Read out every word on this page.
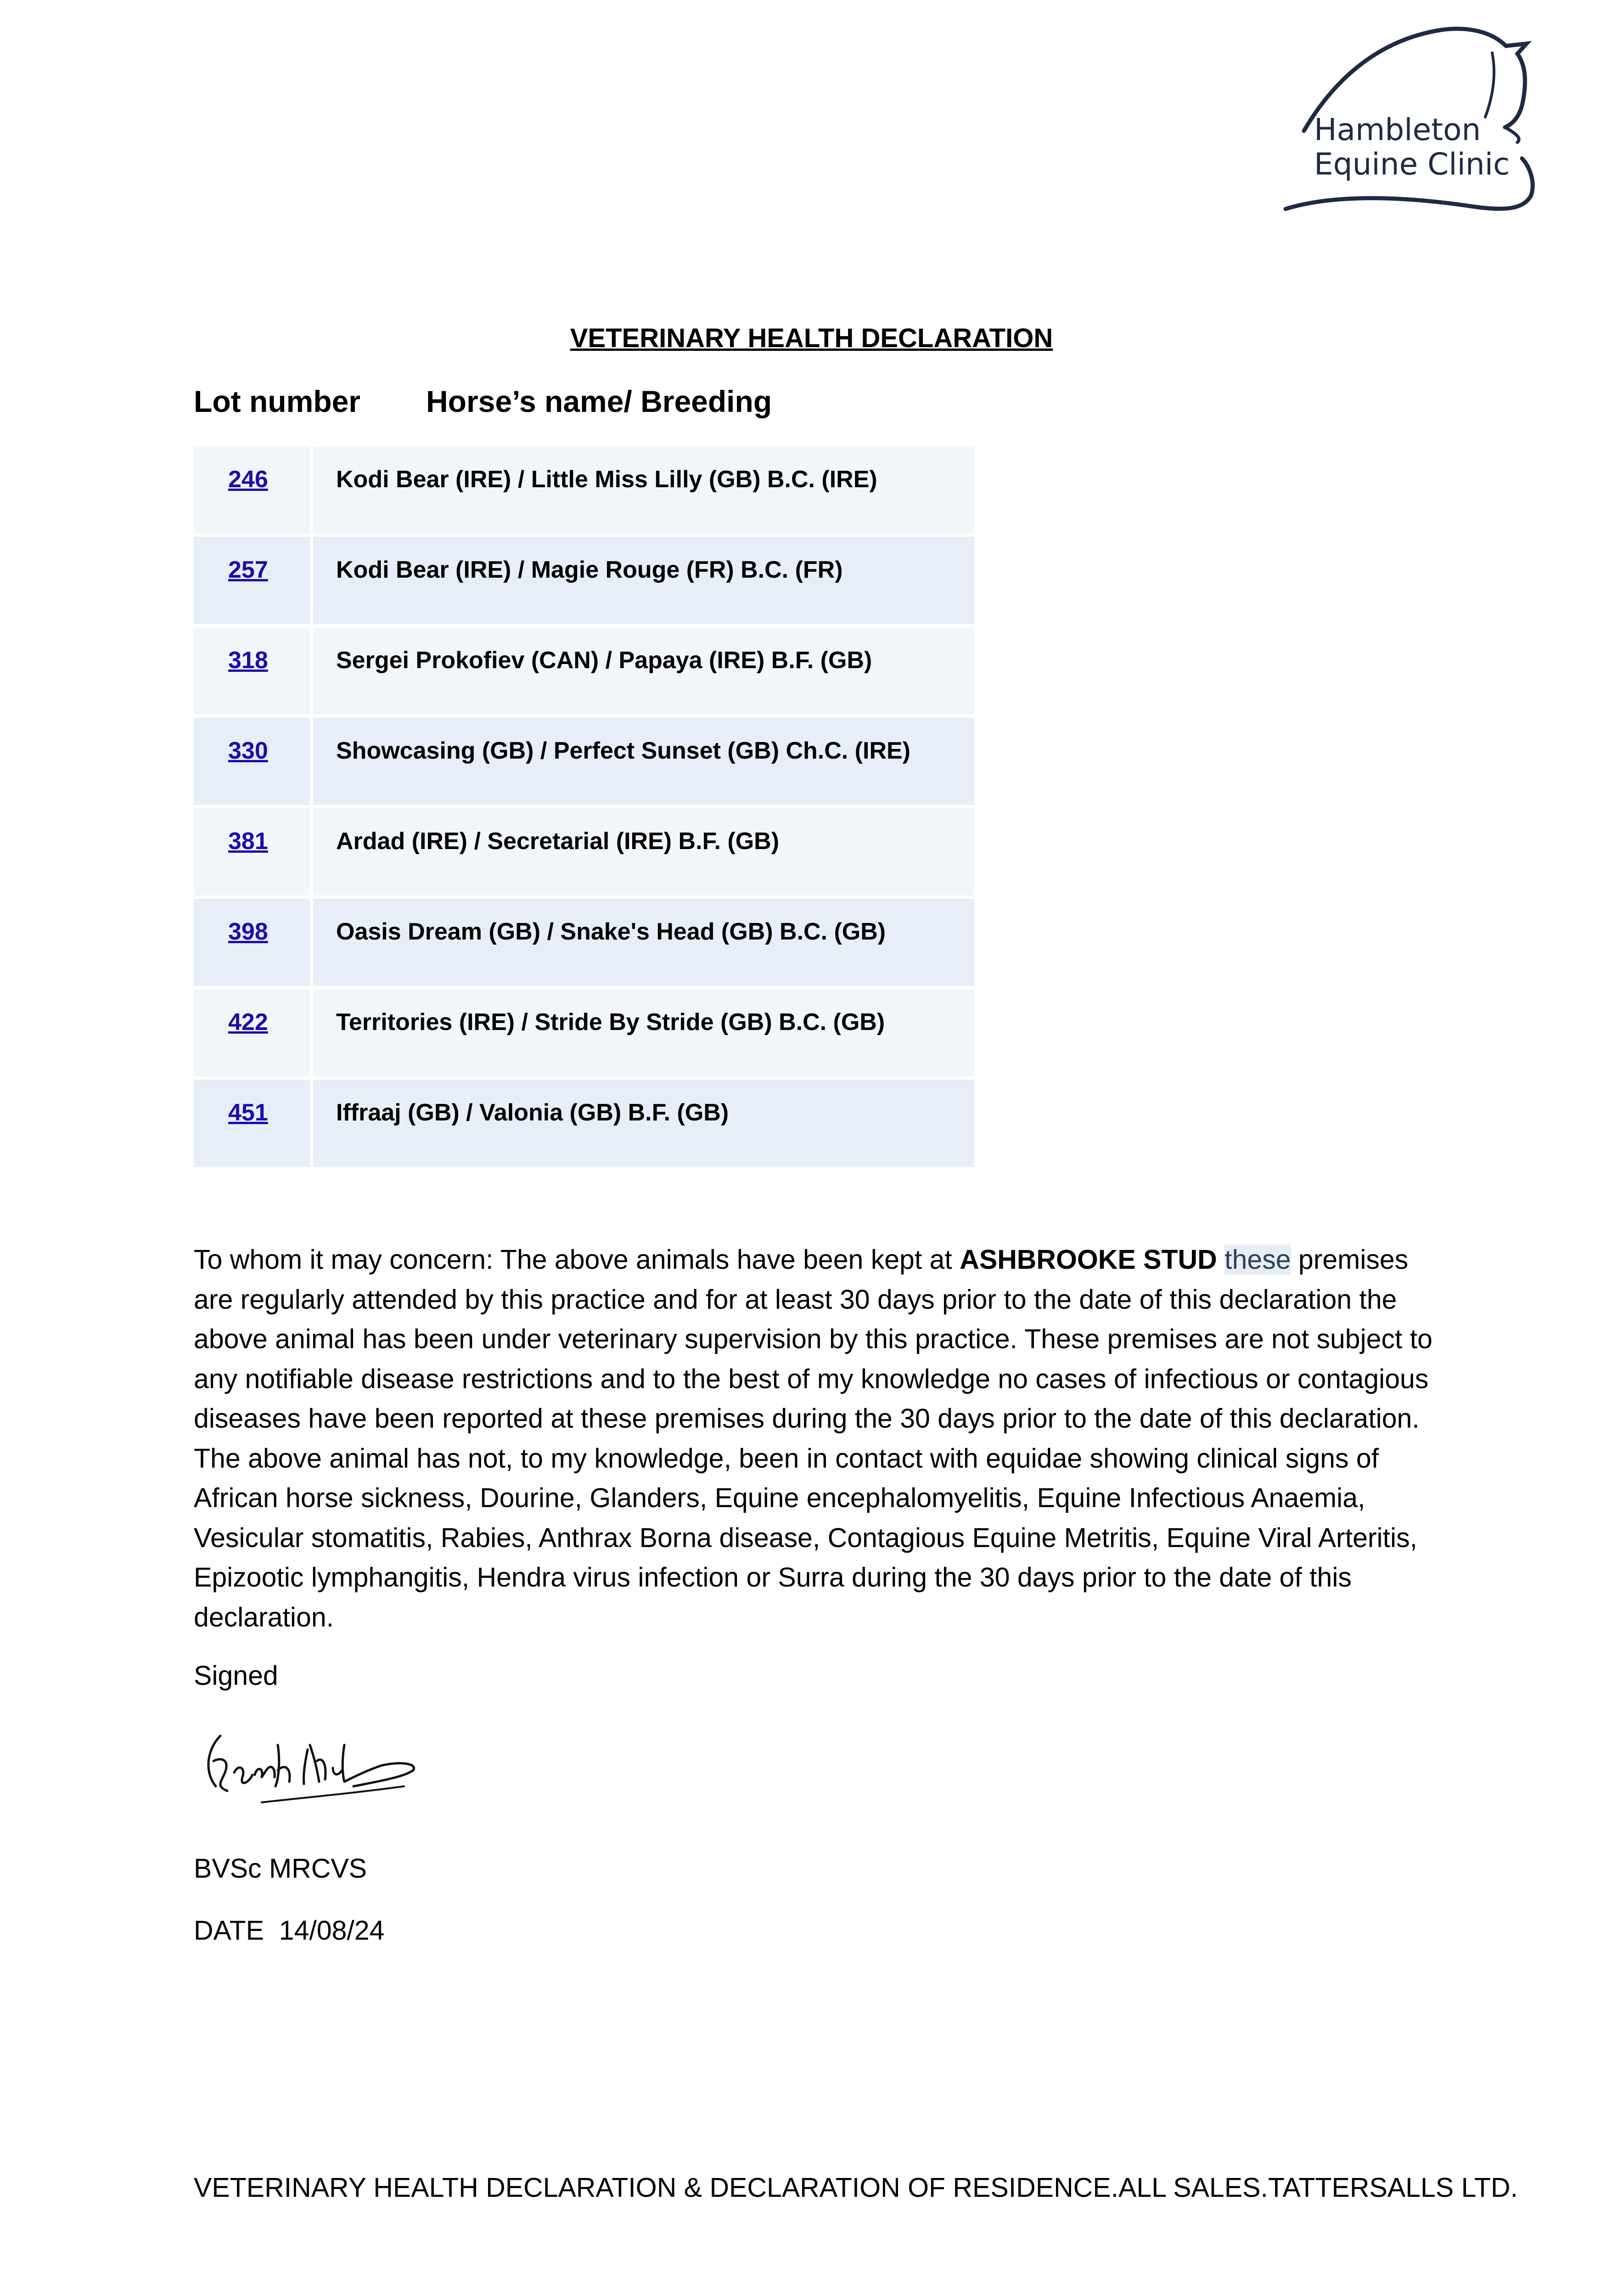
Hambleton
Equine Clinic
VETERINARY HEALTH DECLARATION
Lot number Horse’s name/ Breeding
246	Kodi Bear (IRE) / Little Miss Lilly (GB) B.C. (IRE)
257	Kodi Bear (IRE) / Magie Rouge (FR) B.C. (FR)
318	Sergei Prokofiev (CAN) / Papaya (IRE) B.F. (GB)
330	Showcasing (GB) / Perfect Sunset (GB) Ch.C. (IRE)
381	Ardad (IRE) / Secretarial (IRE) B.F. (GB)
398	Oasis Dream (GB) / Snake's Head (GB) B.C. (GB)
422	Territories (IRE) / Stride By Stride (GB) B.C. (GB)
451	Iffraaj (GB) / Valonia (GB) B.F. (GB)
To whom it may concern: The above animals have been kept at ASHBROOKE STUD these premises are regularly attended by this practice and for at least 30 days prior to the date of this declaration the above animal has been under veterinary supervision by this practice. These premises are not subject to any notifiable disease restrictions and to the best of my knowledge no cases of infectious or contagious diseases have been reported at these premises during the 30 days prior to the date of this declaration. The above animal has not, to my knowledge, been in contact with equidae showing clinical signs of African horse sickness, Dourine, Glanders, Equine encephalomyelitis, Equine Infectious Anaemia, Vesicular stomatitis, Rabies, Anthrax Borna disease, Contagious Equine Metritis, Equine Viral Arteritis, Epizootic lymphangitis, Hendra virus infection or Surra during the 30 days prior to the date of this declaration.
Signed
BVSc MRCVS
DATE  14/08/24
VETERINARY HEALTH DECLARATION & DECLARATION OF RESIDENCE.ALL SALES.TATTERSALLS LTD.
